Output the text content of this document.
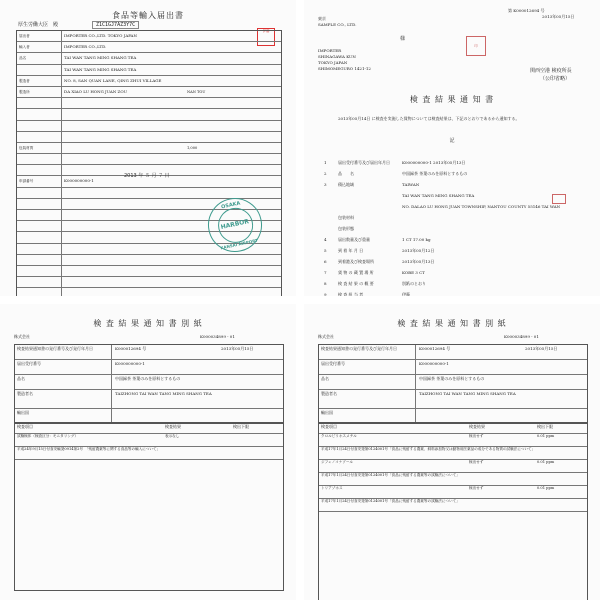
食品等輸入届出書
厚生労働大臣　殿	Z1C1GJ7AZ3Y7C
伊藤
届出者	IMPORTER CO.,LTD. TOKYO JAPAN
輸入者	IMPORTER CO.,LTD.
品名	TAI WAN TANG MING SHANG TEA
TAI WAN TANG MING SHANG TEA
製造者	NO. 8, SAN QUAN LANE, QING ZHUI VILLAGE
製造所	DA XIAO LU HONG JUAN ZOU	NAN TOU
包装材質	1,000
申請番号	K000000000-1
2013 年 ５ 月 ７ 日
OSAKA
HARBOR
KANSAI AIRPORT
第 K000012694 号
2013年05月15日
東京
SAMPLE CO., LTD.
IMPORTER
SHINAGAWA KUN
TOKYO JAPAN
SHIMOMEGURO 1421-12
様
印
関西空港 検疫所長
（公印省略）
検 査 結 果 通 知 書
2013年05月14日 に検査を実施した貨物については検査結果は、下記のとおりであるから通知する。
記
1	届出受付番号及び届出年月日	K000000000-1 2013年05月13日
2	品　　名	中国緑茶 茶葉のみを原料とするもの
3	積込地域	TAIWAN
TAI WAN TANG MING SHANG TEA
NO. DALAO LU HONG JUAN TOWNSHIP, NANTOU COUNTY 55146 TAI WAN
包装材料
包装形態
4	届出数量及び重量	1 CT 17.00 kg
5	到 着 年 月 日	2013年05月12日
6	到着港及び検査場所	2013年05月13日
7	貨 物 の 蔵 置 場 所	KOBE 3 CT
8	検 査 結 果 の 概 要	別紙のとおり
9	検 査 担 当 者	伊藤
検 査 結 果 通 知 書 別 紙
株式会社	K000034899 - 01
検査結果通知書の発行番号及び発行年月日	K000012694 号	2013年05月15日
届出受付番号	K000000000-1
品名	中国緑茶 茶葉のみを原料とするもの
製造者名	TAIZHONG TAI WAN TANG MING SHANG TEA
輸出国
検査項目	検査結果	検出下限
試験検体（検査区分：モニタリング）	表示なし
平成24年9月15日付食安輸発0914第2号　「残留農薬等に関する食品等の輸入について」
検 査 結 果 通 知 書 別 紙
株式会社	K000034899 - 01
検査結果通知書の発行番号及び発行年月日	K000012694 号	2013年05月15日
届出受付番号	K000000000-1
品名	中国緑茶 茶葉のみを原料とするもの
製造者名	TAIZHONG TAI WAN TANG MING SHANG TEA
輸出国
検査項目	検査結果	検出下限
クロルピリホスメチル	検出せず	0.01 ppm
平成17年1月24日付食安発第0124001号「食品に残留する農薬、飼料添加物又は動物用医薬品の成分である物質の試験法について」
ジフェノコナゾール	検出せず	0.01 ppm
平成17年1月24日付食安発第0124001号「食品に残留する農薬等の試験法について」
トリアゾホス	検出せず	0.01 ppm
平成17年1月24日付食安発第0124001号「食品に残留する農薬等の試験法について」
